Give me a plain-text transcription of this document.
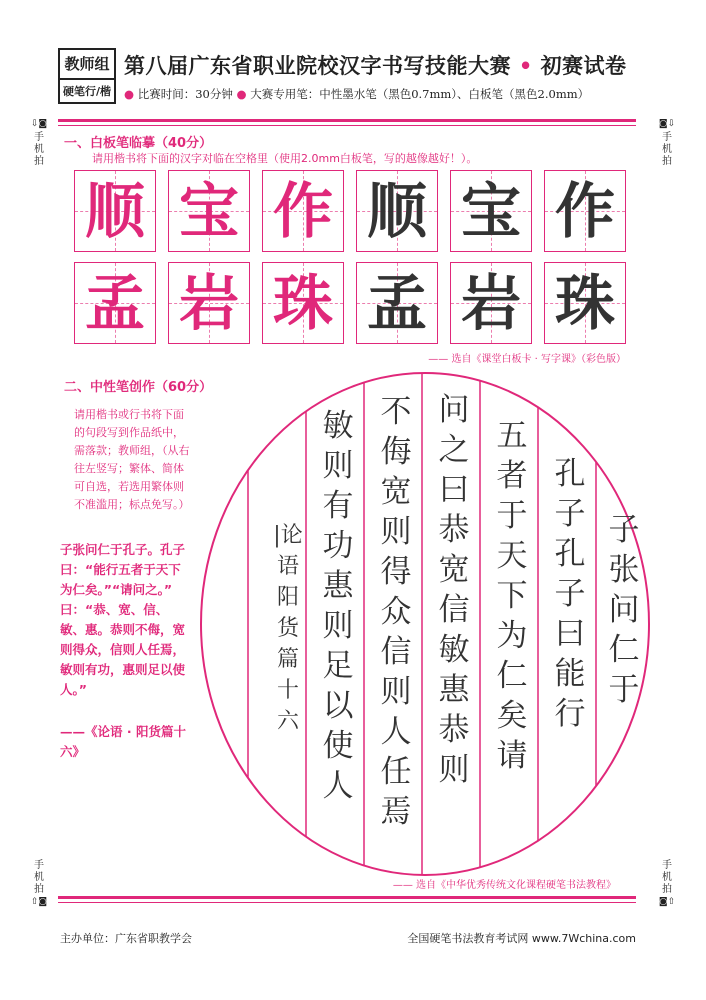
教师组
硬笔行/楷
第八届广东省职业院校汉字书写技能大赛 • 初赛试卷
● 比赛时间：30分钟 ● 大赛专用笔：中性墨水笔（黑色0.7mm）、白板笔（黑色2.0mm）
⇩◙
手机拍
◙⇩
手机拍
手机拍
⇧◙
手机拍
◙⇧
一、白板笔临摹（40分）
请用楷书将下面的汉字对临在空格里（使用2.0mm白板笔，写的越像越好！）。
顺 宝 作 顺 宝 作
孟 岩 珠 孟 岩 珠
—— 选自《课堂白板卡 · 写字课》（彩色版）
二、中性笔创作（60分）
请用楷书或行书将下面的句段写到作品纸中，需落款；教师组，（从右往左竖写；繁体、简体可自选，若选用繁体则不准滥用；标点免写。）
子张问仁于孔子。孔子曰：“能行五者于天下为仁矣。”“请问之。” 曰：“恭、宽、信、敏、惠。恭则不侮，宽则得众，信则人任焉，敏则有功，惠则足以使人。”
——《论语 · 阳货篇十六》
子张问仁于
孔子孔子曰能行
五者于天下为仁矣请
问之曰恭宽信敏惠恭则
不侮宽则得众信则人任焉
敏则有功惠则足以使人
|论语阳货篇十六
—— 选自《中华优秀传统文化课程硬笔书法教程》
主办单位：广东省职教学会	全国硬笔书法教育考试网 www.7Wchina.com
